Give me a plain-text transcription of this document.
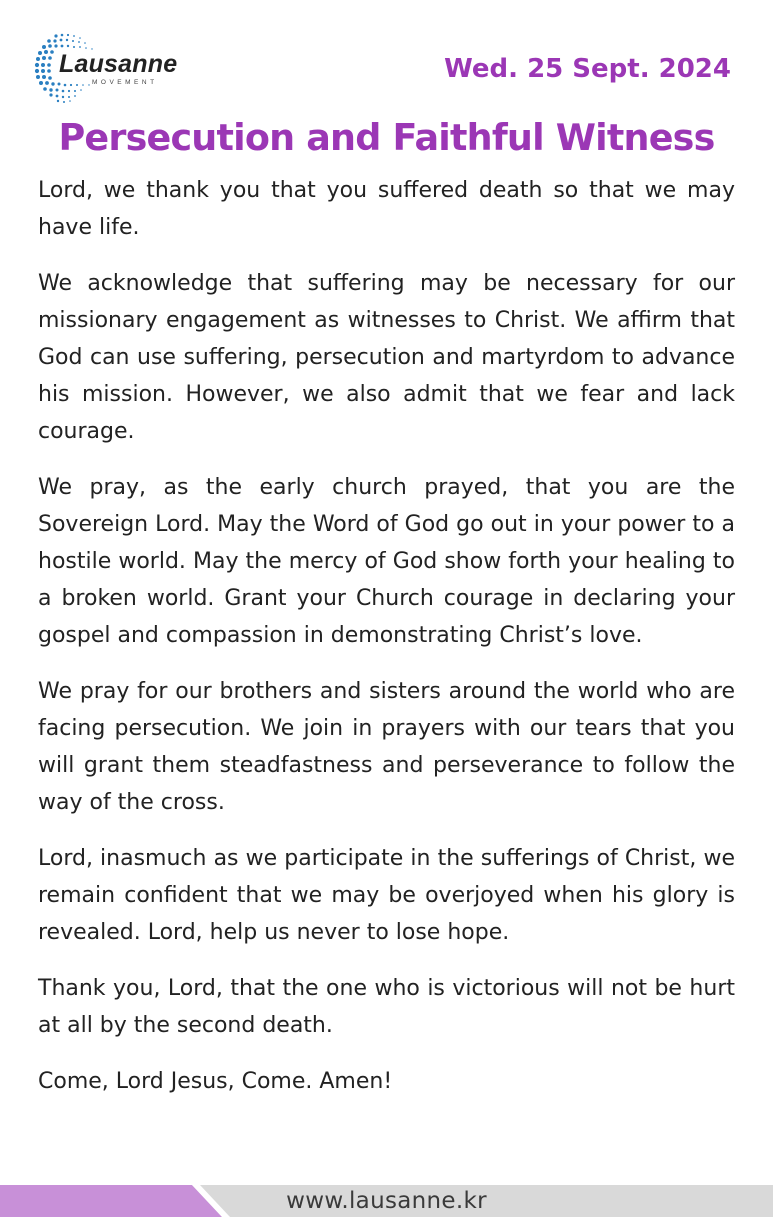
Lausanne
MOVEMENT	Wed. 25 Sept. 2024
Persecution and Faithful Witness

Lord, we thank you that you suffered death so that we may have life.

We acknowledge that suffering may be necessary for our missionary engagement as witnesses to Christ. We affirm that God can use suffering, persecution and martyrdom to advance his mission. However, we also admit that we fear and lack courage.

We pray, as the early church prayed, that you are the Sovereign Lord. May the Word of God go out in your power to a hostile world. May the mercy of God show forth your healing to a broken world. Grant your Church courage in declaring your gospel and compassion in demonstrating Christ’s love.

We pray for our brothers and sisters around the world who are facing persecution. We join in prayers with our tears that you will grant them steadfastness and perseverance to follow the way of the cross.

Lord, inasmuch as we participate in the sufferings of Christ, we remain confident that we may be overjoyed when his glory is revealed. Lord, help us never to lose hope.

Thank you, Lord, that the one who is victorious will not be hurt at all by the second death.

Come, Lord Jesus, Come. Amen!

www.lausanne.kr
